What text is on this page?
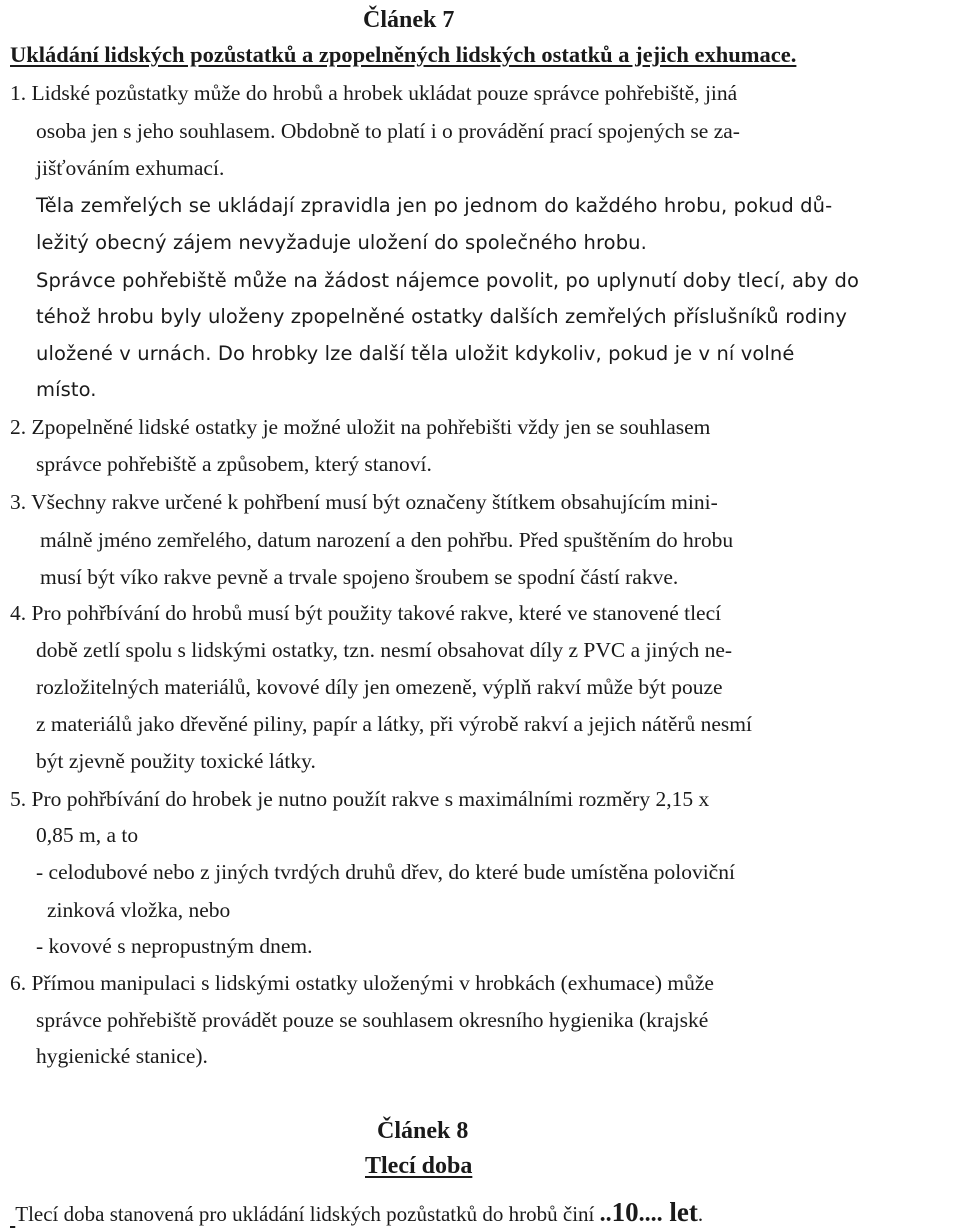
Článek 7
Ukládání lidských pozůstatků a zpopelněných lidských ostatků a jejich exhumace.
1. Lidské pozůstatky může do hrobů a hrobek ukládat pouze správce pohřebiště, jiná
osoba jen s jeho souhlasem. Obdobně to platí i o provádění prací spojených se za-
jišťováním exhumací.
Těla zemřelých se ukládají zpravidla jen po jednom do každého hrobu, pokud dů-
ležitý obecný zájem nevyžaduje uložení do společného hrobu.
Správce pohřebiště může na žádost nájemce povolit, po uplynutí doby tlecí, aby do
téhož hrobu byly uloženy zpopelněné ostatky dalších zemřelých příslušníků rodiny
uložené v urnách. Do hrobky lze další těla uložit kdykoliv, pokud je v ní volné
místo.
2. Zpopelněné lidské ostatky je možné uložit na pohřebišti vždy jen se souhlasem
správce pohřebiště a způsobem, který stanoví.
3. Všechny rakve určené k pohřbení musí být označeny štítkem obsahujícím mini-
málně jméno zemřelého, datum narození a den pohřbu. Před spuštěním do hrobu
musí být víko rakve pevně a trvale spojeno šroubem se spodní částí rakve.
4. Pro pohřbívání do hrobů musí být použity takové rakve, které ve stanovené tlecí
době zetlí spolu s lidskými ostatky, tzn. nesmí obsahovat díly z PVC a jiných ne-
rozložitelných materiálů, kovové díly jen omezeně, výplň rakví může být pouze
z materiálů jako dřevěné piliny, papír a látky, při výrobě rakví a jejich nátěrů nesmí
být zjevně použity toxické látky.
5. Pro pohřbívání do hrobek je nutno použít rakve s maximálními rozměry 2,15 x
0,85 m, a to
- celodubové nebo z jiných tvrdých druhů dřev, do které bude umístěna poloviční
zinková vložka, nebo
- kovové s nepropustným dnem.
6. Přímou manipulaci s lidskými ostatky uloženými v hrobkách (exhumace) může
správce pohřebiště provádět pouze se souhlasem okresního hygienika (krajské
hygienické stanice).
Článek 8
Tlecí doba
Tlecí doba stanovená pro ukládání lidských pozůstatků do hrobů činí ..10.... let.
